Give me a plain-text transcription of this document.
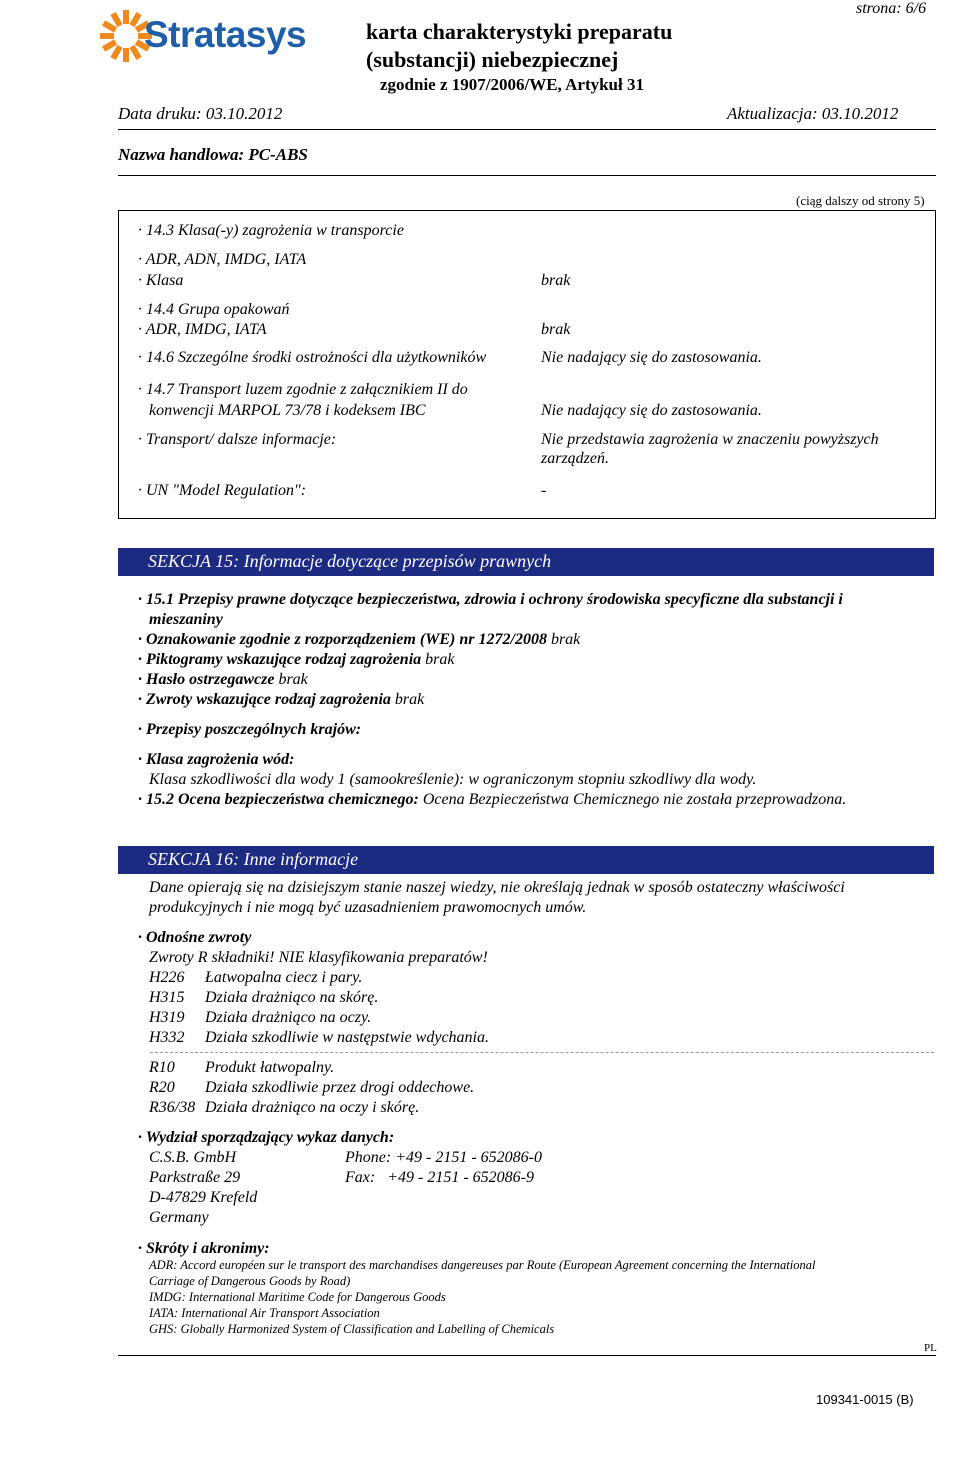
Stratasys	karta charakterystyki preparatu
(substancji) niebezpiecznej
zgodnie z 1907/2006/WE, Artykuł 31
strona: 6/6
Data druku: 03.10.2012	Aktualizacja: 03.10.2012
Nazwa handlowa: PC-ABS
(ciąg dalszy od strony 5)
· 14.3 Klasa(-y) zagrożenia w transporcie
· ADR, ADN, IMDG, IATA
· Klasa	brak
· 14.4 Grupa opakowań
· ADR, IMDG, IATA	brak
· 14.6 Szczególne środki ostrożności dla użytkowników	Nie nadający się do zastosowania.
· 14.7 Transport luzem zgodnie z załącznikiem II do
konwencji MARPOL 73/78 i kodeksem IBC	Nie nadający się do zastosowania.
· Transport/ dalsze informacje:	Nie przedstawia zagrożenia w znaczeniu powyższych
zarządzeń.
· UN "Model Regulation":	-
SEKCJA 15: Informacje dotyczące przepisów prawnych
· 15.1 Przepisy prawne dotyczące bezpieczeństwa, zdrowia i ochrony środowiska specyficzne dla substancji i
mieszaniny
· Oznakowanie zgodnie z rozporządzeniem (WE) nr 1272/2008 brak
· Piktogramy wskazujące rodzaj zagrożenia brak
· Hasło ostrzegawcze brak
· Zwroty wskazujące rodzaj zagrożenia brak
· Przepisy poszczególnych krajów:
· Klasa zagrożenia wód:
Klasa szkodliwości dla wody 1 (samookreślenie): w ograniczonym stopniu szkodliwy dla wody.
· 15.2 Ocena bezpieczeństwa chemicznego: Ocena Bezpieczeństwa Chemicznego nie została przeprowadzona.
SEKCJA 16: Inne informacje
Dane opierają się na dzisiejszym stanie naszej wiedzy, nie określają jednak w sposób ostateczny właściwości
produkcyjnych i nie mogą być uzasadnieniem prawomocnych umów.
· Odnośne zwroty
Zwroty R składniki! NIE klasyfikowania preparatów!
H226 Łatwopalna ciecz i pary.
H315 Działa drażniąco na skórę.
H319 Działa drażniąco na oczy.
H332 Działa szkodliwie w następstwie wdychania.
R10 Produkt łatwopalny.
R20 Działa szkodliwie przez drogi oddechowe.
R36/38 Działa drażniąco na oczy i skórę.
· Wydział sporządzający wykaz danych:
C.S.B. GmbH
Parkstraße 29
D-47829 Krefeld
Germany
Phone: +49 - 2151 - 652086-0
Fax:   +49 - 2151 - 652086-9
· Skróty i akronimy:
ADR: Accord européen sur le transport des marchandises dangereuses par Route (European Agreement concerning the International
Carriage of Dangerous Goods by Road)
IMDG: International Maritime Code for Dangerous Goods
IATA: International Air Transport Association
GHS: Globally Harmonized System of Classification and Labelling of Chemicals
PL
109341-0015 (B)
